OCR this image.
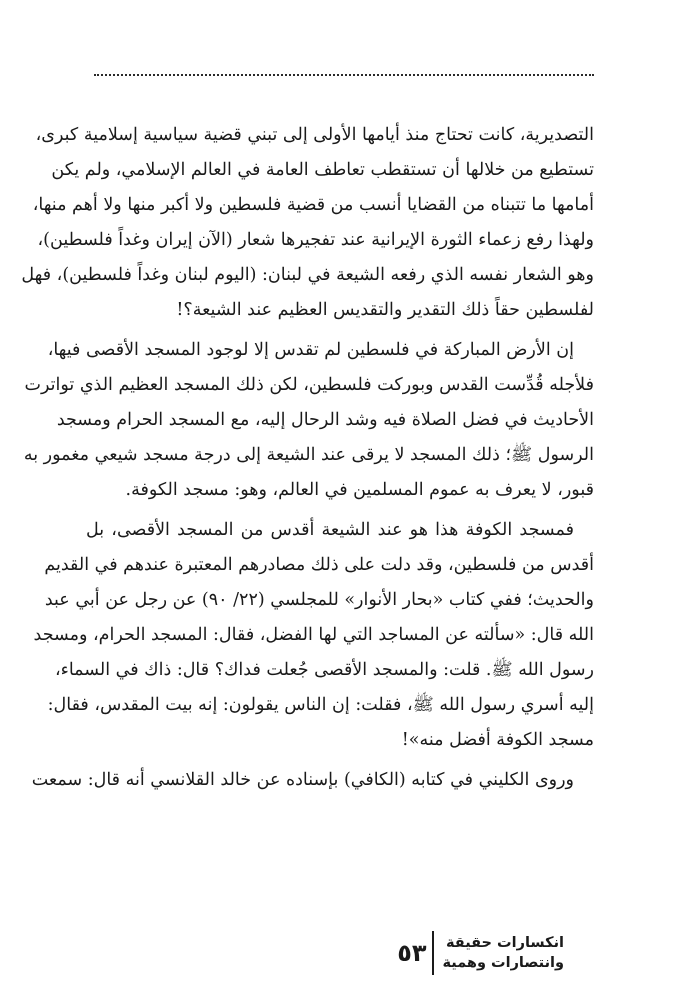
التصديرية، كانت تحتاج منذ أيامها الأولى إلى تبني قضية سياسية إسلامية كبرى،
تستطيع من خلالها أن تستقطب تعاطف العامة في العالم الإسلامي، ولم يكن
أمامها ما تتبناه من القضايا أنسب من قضية فلسطين ولا أكبر منها ولا أهم منها،
ولهذا رفع زعماء الثورة الإيرانية عند تفجيرها شعار (الآن إيران وغداً فلسطين)،
وهو الشعار نفسه الذي رفعه الشيعة في لبنان: (اليوم لبنان وغداً فلسطين)، فهل
لفلسطين حقاً ذلك التقدير والتقديس العظيم عند الشيعة؟!

إن الأرض المباركة في فلسطين لم تقدس إلا لوجود المسجد الأقصى فيها،
فلأجله قُدِّست القدس وبوركت فلسطين، لكن ذلك المسجد العظيم الذي تواترت
الأحاديث في فضل الصلاة فيه وشد الرحال إليه، مع المسجد الحرام ومسجد
الرسول ﷺ؛ ذلك المسجد لا يرقى عند الشيعة إلى درجة مسجد شيعي مغمور به
قبور، لا يعرف به عموم المسلمين في العالم، وهو: مسجد الكوفة.

فمسجد الكوفة هذا هو عند الشيعة أقدس من المسجد الأقصى، بل
أقدس من فلسطين، وقد دلت على ذلك مصادرهم المعتبرة عندهم في القديم
والحديث؛ ففي كتاب «بحار الأنوار» للمجلسي (٢٢/ ٩٠) عن رجل عن أبي عبد
الله قال: «سألته عن المساجد التي لها الفضل، فقال: المسجد الحرام، ومسجد
رسول الله ﷺ. قلت: والمسجد الأقصى جُعلت فداك؟ قال: ذاك في السماء،
إليه أسري رسول الله ﷺ، فقلت: إن الناس يقولون: إنه بيت المقدس، فقال:
مسجد الكوفة أفضل منه»!

وروى الكليني في كتابه (الكافي) بإسناده عن خالد القلانسي أنه قال: سمعت

٥٣ انكسارات حقيقة
وانتصارات وهمية
